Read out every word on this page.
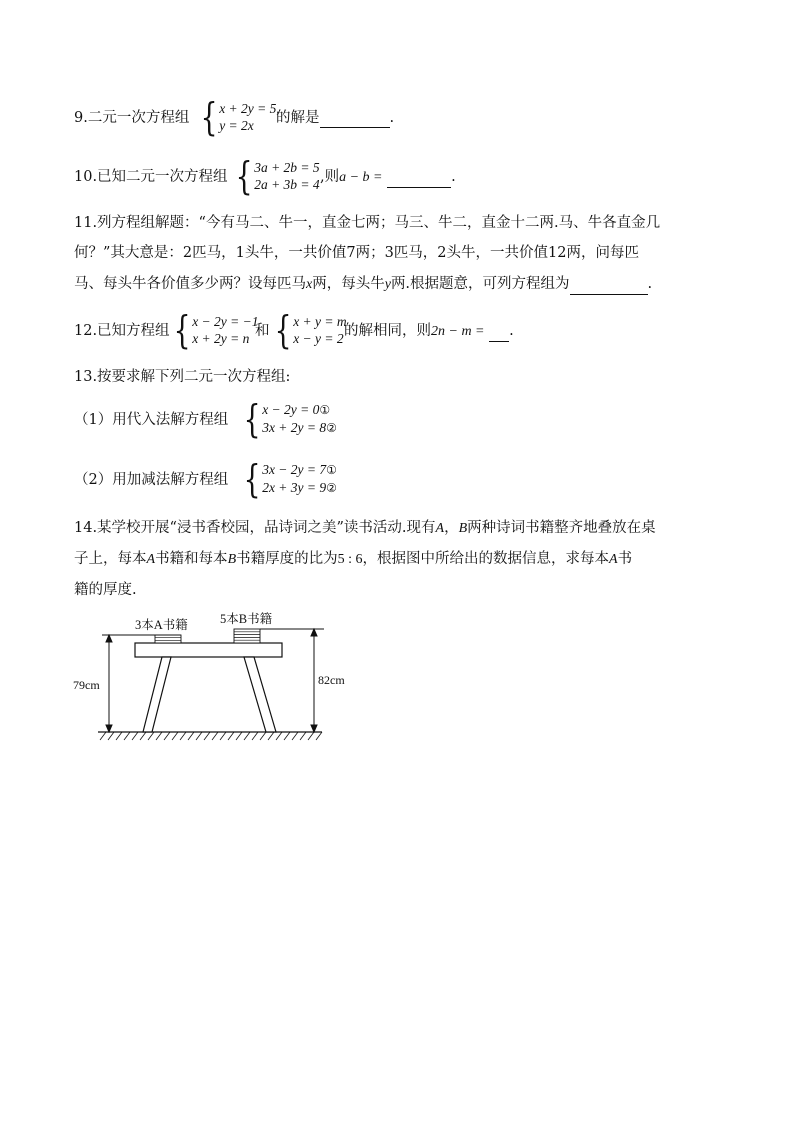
9.二元一次方程组 { x + 2y = 5,
y = 2x	的解是	.
10.已知二元一次方程组 { 3a + 2b = 5
2a + 3b = 4 ,则a − b =	.
11.列方程组解题：“今有马二、牛一，直金七两；马三、牛二，直金十二两.马、牛各直金几
何？”其大意是：2匹马，1头牛，一共价值7两；3匹马，2头牛，一共价值12两，问每匹
马、每头牛各价值多少两？设每匹马x两，每头牛y两.根据题意，可列方程组为	.
12.已知方程组 { x − 2y = −1
x + 2y = n 和 { x + y = m
x − y = 2 的解相同，则2n − m = .
13.按要求解下列二元一次方程组:
（1）用代入法解方程组 { x − 2y = 0①
3x + 2y = 8②
（2）用加减法解方程组 { 3x − 2y = 7①
2x + 3y = 9②
14.某学校开展“浸书香校园，品诗词之美”读书活动.现有A，B两种诗词书籍整齐地叠放在桌
子上，每本A书籍和每本B书籍厚度的比为5 : 6，根据图中所给出的数据信息，求每本A书
籍的厚度.
79cm	82cm
3本A书籍	5本B书籍
